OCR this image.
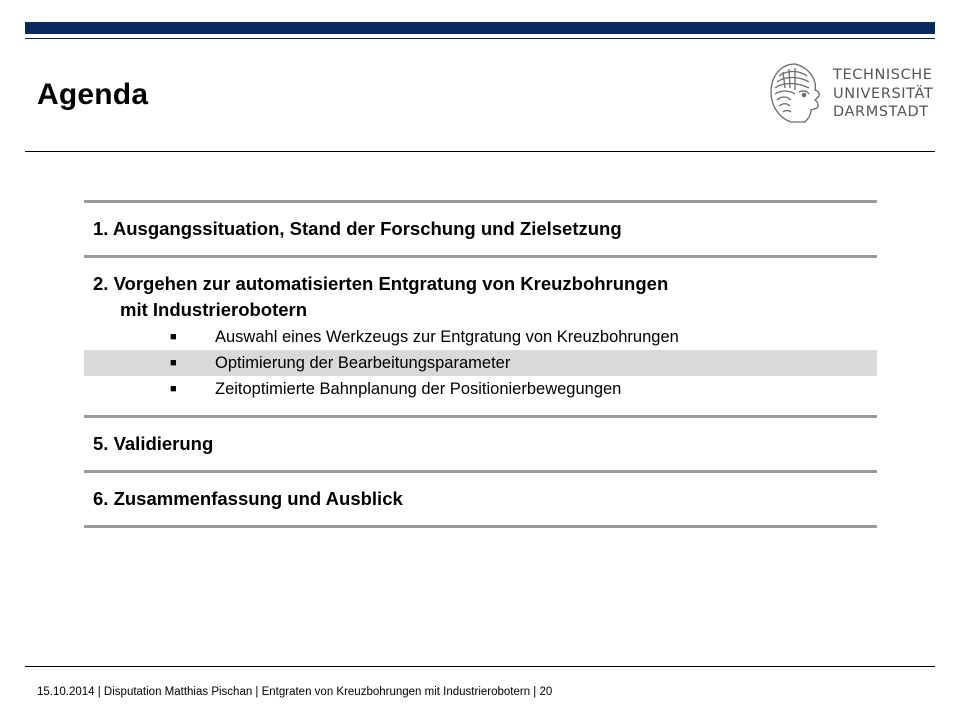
Agenda
TECHNISCHE
UNIVERSITÄT
DARMSTADT
1. Ausgangssituation, Stand der Forschung und Zielsetzung
2. Vorgehen zur automatisierten Entgratung von Kreuzbohrungen
mit Industrierobotern
■ Auswahl eines Werkzeugs zur Entgratung von Kreuzbohrungen
■ Optimierung der Bearbeitungsparameter
■ Zeitoptimierte Bahnplanung der Positionierbewegungen
5. Validierung
6. Zusammenfassung und Ausblick
15.10.2014 | Disputation Matthias Pischan | Entgraten von Kreuzbohrungen mit Industrierobotern | 20
